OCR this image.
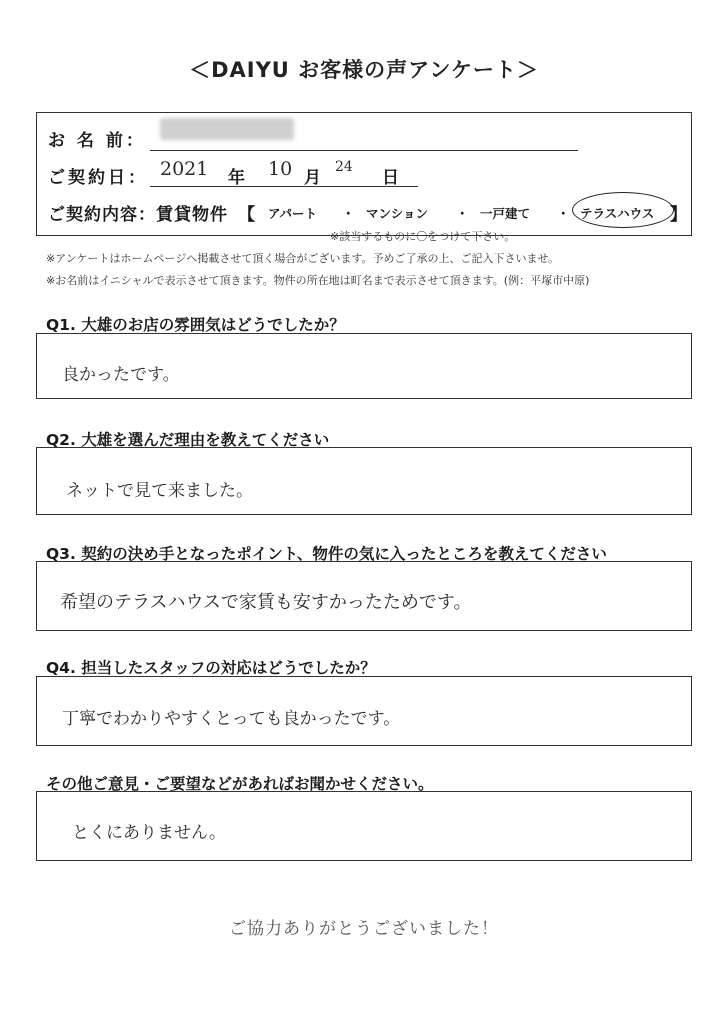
＜DAIYU お客様の声アンケート＞
お 名 前：
ご契約日： 2021 年 10 月
24
日
ご契約内容：賃貸物件 【 アパート ・ マンション ・ 一戸建て ・ テラスハウス 】
※該当するものに〇をつけて下さい。
※アンケートはホームページへ掲載させて頂く場合がございます。予めご了承の上、ご記入下さいませ。
※お名前はイニシャルで表示させて頂きます。物件の所在地は町名まで表示させて頂きます。(例：平塚市中原)
Q1. 大雄のお店の雰囲気はどうでしたか？
良かったです。
Q2. 大雄を選んだ理由を教えてください
ネットで見て来ました。
Q3. 契約の決め手となったポイント、物件の気に入ったところを教えてください
希望のテラスハウスで家賃も安すかったためです。
Q4. 担当したスタッフの対応はどうでしたか？
丁寧でわかりやすくとっても良かったです。
その他ご意見・ご要望などがあればお聞かせください。
とくにありません。
ご協力ありがとうございました！
